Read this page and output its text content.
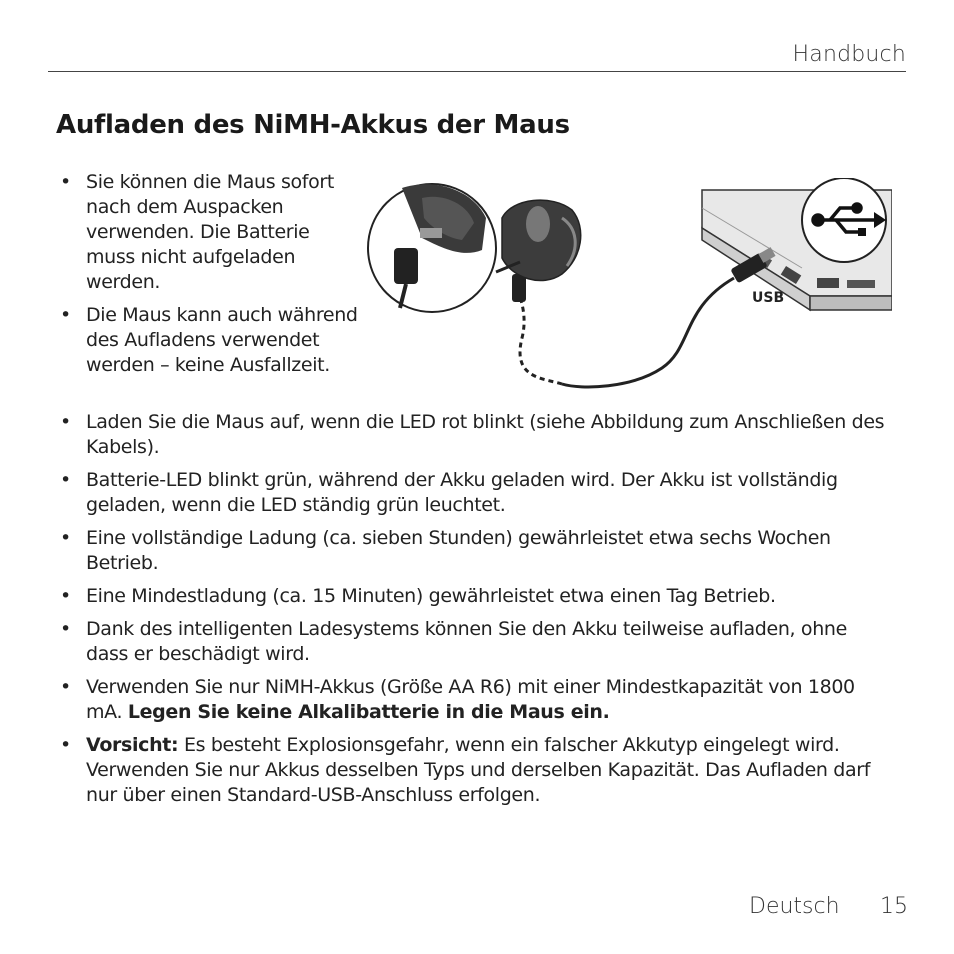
Handbuch
Aufladen des NiMH-Akkus der Maus
• Sie können die Maus sofort nach dem Auspacken verwenden. Die Batterie muss nicht aufgeladen werden.
• Die Maus kann auch während des Aufladens verwendet werden – keine Ausfallzeit.
USB
• Laden Sie die Maus auf, wenn die LED rot blinkt (siehe Abbildung zum Anschließen des Kabels).
• Batterie-LED blinkt grün, während der Akku geladen wird. Der Akku ist vollständig geladen, wenn die LED ständig grün leuchtet.
• Eine vollständige Ladung (ca. sieben Stunden) gewährleistet etwa sechs Wochen Betrieb.
• Eine Mindestladung (ca. 15 Minuten) gewährleistet etwa einen Tag Betrieb.
• Dank des intelligenten Ladesystems können Sie den Akku teilweise aufladen, ohne dass er beschädigt wird.
• Verwenden Sie nur NiMH-Akkus (Größe AA R6) mit einer Mindestkapazität von 1800 mA. Legen Sie keine Alkalibatterie in die Maus ein.
• Vorsicht: Es besteht Explosionsgefahr, wenn ein falscher Akkutyp eingelegt wird. Verwenden Sie nur Akkus desselben Typs und derselben Kapazität. Das Aufladen darf nur über einen Standard-USB-Anschluss erfolgen.
Deutsch 15
